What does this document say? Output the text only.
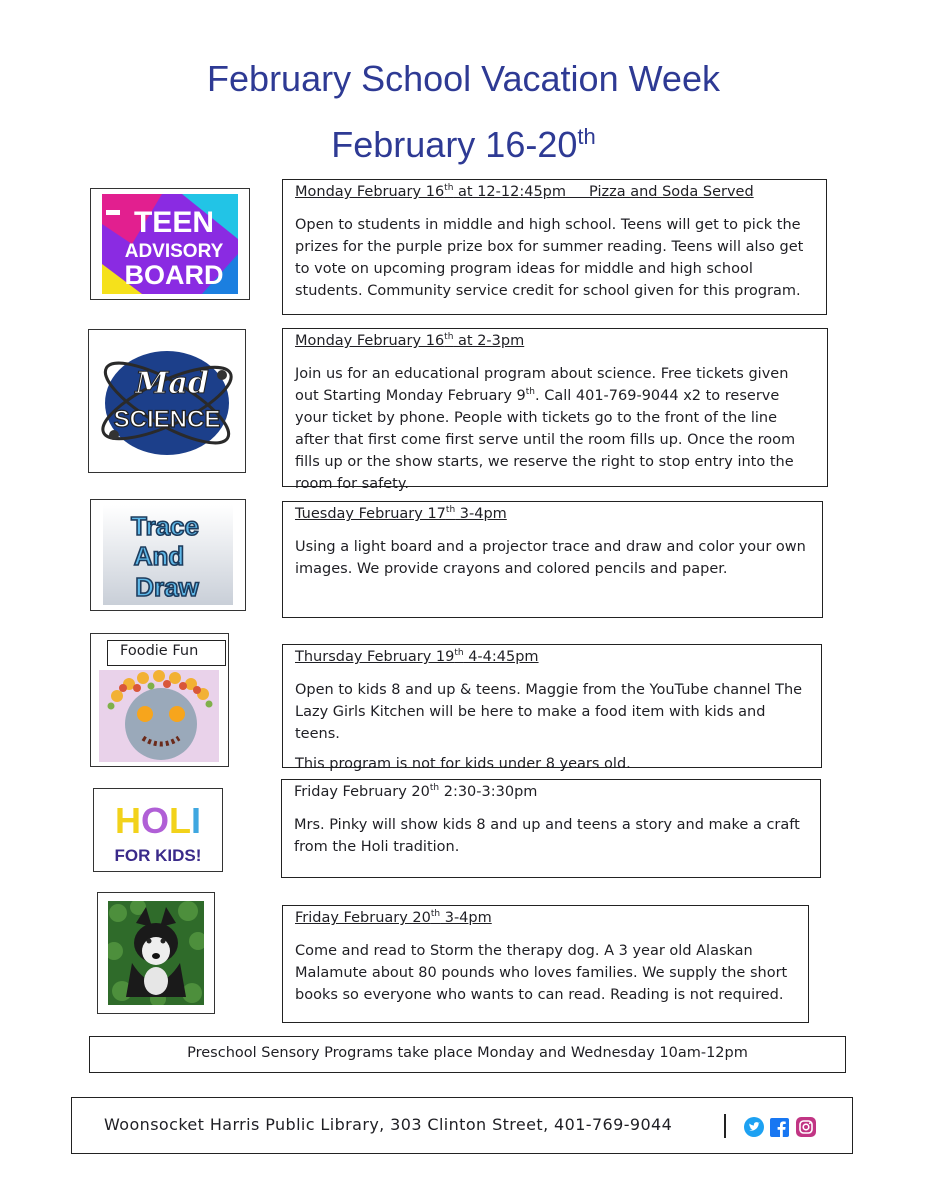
February School Vacation Week
February 16-20th
TEEN
ADVISORY
BOARD

Monday February 16th at 12-12:45pm     Pizza and Soda Served

Open to students in middle and high school. Teens will get to pick the prizes for the purple prize box for summer reading. Teens will also get to vote on upcoming program ideas for middle and high school students. Community service credit for school given for this program.

Mad
SCIENCE

Monday February 16th at 2-3pm

Join us for an educational program about science. Free tickets given out Starting Monday February 9th. Call 401-769-9044 x2 to reserve your ticket by phone. People with tickets go to the front of the line after that first come first serve until the room fills up. Once the room fills up or the show starts, we reserve the right to stop entry into the room for safety.

Trace
And
Draw

Tuesday February 17th 3-4pm

Using a light board and a projector trace and draw and color your own images. We provide crayons and colored pencils and paper.

Foodie Fun	Thursday February 19th 4-4:45pm

Open to kids 8 and up & teens. Maggie from the YouTube channel The Lazy Girls Kitchen will be here to make a food item with kids and teens.

This program is not for kids under 8 years old.

HOLI
FOR KIDS!

Friday February 20th 2:30-3:30pm

Mrs. Pinky will show kids 8 and up and teens a story and make a craft from the Holi tradition.

Friday February 20th 3-4pm

Come and read to Storm the therapy dog. A 3 year old Alaskan Malamute about 80 pounds who loves families. We supply the short books so everyone who wants to can read. Reading is not required.

Preschool Sensory Programs take place Monday and Wednesday 10am-12pm
Woonsocket Harris Public Library, 303 Clinton Street, 401-769-9044
